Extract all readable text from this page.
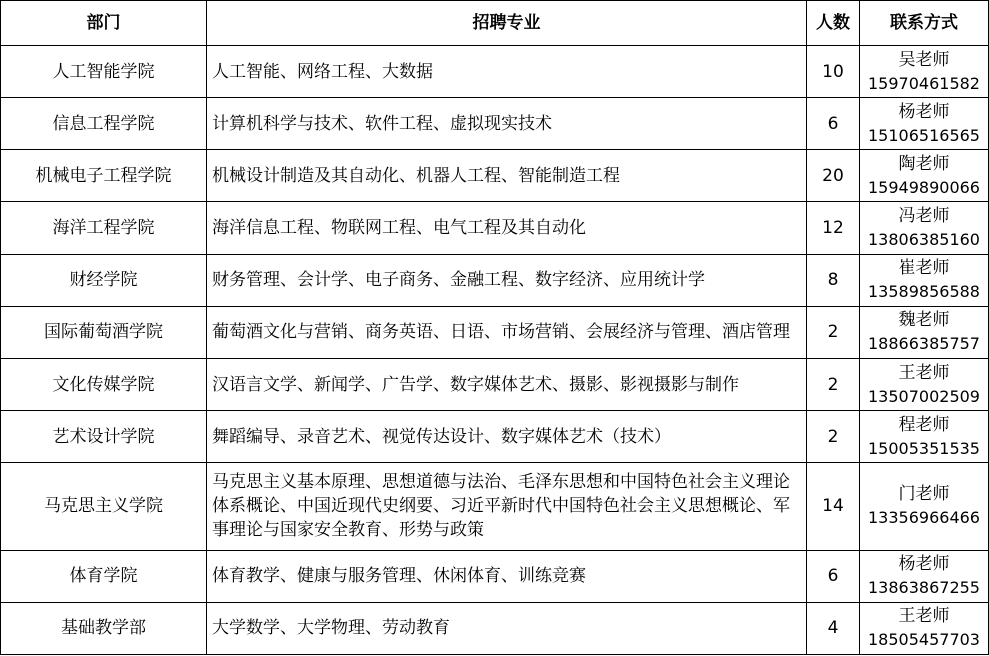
部门	招聘专业	人数	联系方式
人工智能学院	人工智能、网络工程、大数据	10	吴老师
15970461582

信息工程学院	计算机科学与技术、软件工程、虚拟现实技术	6	杨老师
15106516565

机械电子工程学院	机械设计制造及其自动化、机器人工程、智能制造工程	20	陶老师
15949890066

海洋工程学院	海洋信息工程、物联网工程、电气工程及其自动化	12	冯老师
13806385160

财经学院	财务管理、会计学、电子商务、金融工程、数字经济、应用统计学	8	崔老师
13589856588

国际葡萄酒学院	葡萄酒文化与营销、商务英语、日语、市场营销、会展经济与管理、酒店管理	2	魏老师
18866385757

文化传媒学院	汉语言文学、新闻学、广告学、数字媒体艺术、摄影、影视摄影与制作	2	王老师
13507002509

艺术设计学院	舞蹈编导、录音艺术、视觉传达设计、数字媒体艺术（技术）	2	程老师
15005351535

马克思主义学院	马克思主义基本原理、思想道德与法治、毛泽东思想和中国特色社会主义理论体系概论、中国近现代史纲要、习近平新时代中国特色社会主义思想概论、军事理论与国家安全教育、形势与政策	14	门老师
13356966466

体育学院	体育教学、健康与服务管理、休闲体育、训练竞赛	6	杨老师
13863867255

基础教学部	大学数学、大学物理、劳动教育	4	王老师
18505457703
